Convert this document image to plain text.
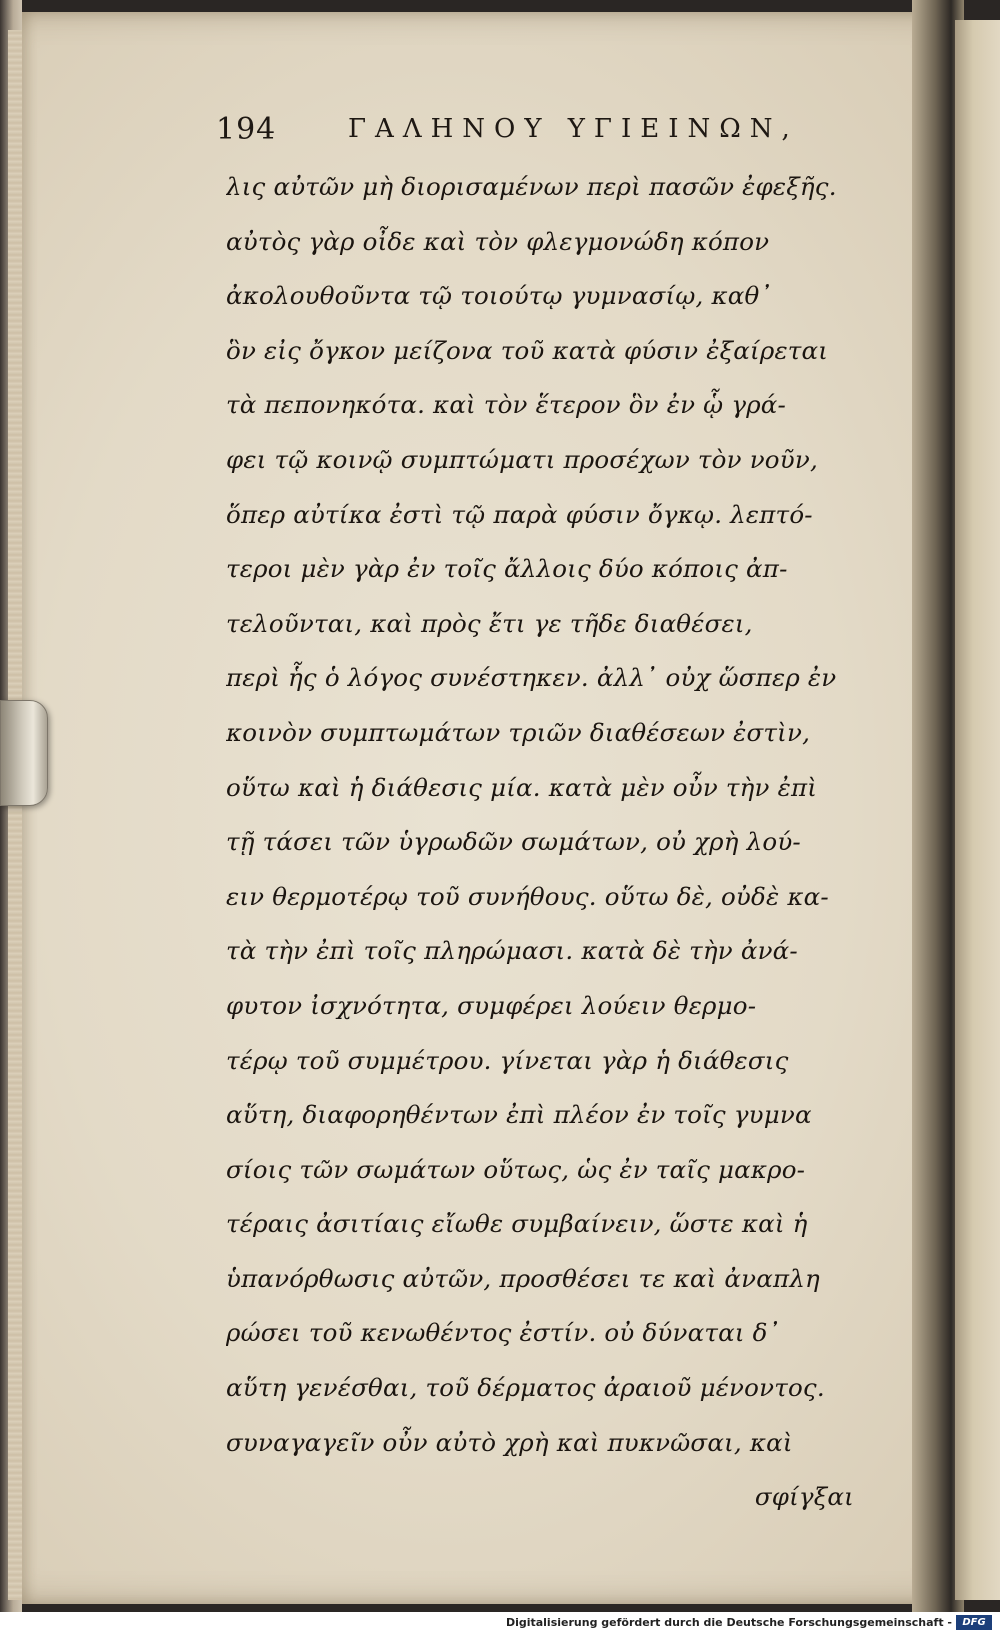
194	ΓΑΛΗΝΟΥ ΥΓΙΕΙΝΩΝ,
λις αὐτῶν μὴ διορισαμένων περὶ πασῶν ἐφεξῆς.
αὐτὸς γὰρ οἶδε καὶ τὸν φλεγμονώδη κόπον
ἀκολουθοῦντα τῷ τοιούτῳ γυμνασίῳ, καθ᾽
ὃν εἰς ὄγκον μείζονα τοῦ κατὰ φύσιν ἐξαίρεται
τὰ πεπονηκότα. καὶ τὸν ἕτερον ὃν ἐν ᾧ γρά-
φει τῷ κοινῷ συμπτώματι προσέχων τὸν νοῦν,
ὅπερ αὐτίκα ἐστὶ τῷ παρὰ φύσιν ὄγκῳ. λεπτό-
τεροι μὲν γὰρ ἐν τοῖς ἄλλοις δύο κόποις ἀπ-
τελοῦνται, καὶ πρὸς ἔτι γε τῆδε διαθέσει,
περὶ ἧς ὁ λόγος συνέστηκεν. ἀλλ᾽ οὐχ ὥσπερ ἐν
κοινὸν συμπτωμάτων τριῶν διαθέσεων ἐστὶν,
οὕτω καὶ ἡ διάθεσις μία. κατὰ μὲν οὖν τὴν ἐπὶ
τῇ τάσει τῶν ὑγρωδῶν σωμάτων, οὐ χρὴ λού-
ειν θερμοτέρῳ τοῦ συνήθους. οὕτω δὲ, οὐδὲ κα-
τὰ τὴν ἐπὶ τοῖς πληρώμασι. κατὰ δὲ τὴν ἀνά-
φυτον ἰσχνότητα, συμφέρει λούειν θερμο-
τέρῳ τοῦ συμμέτρου. γίνεται γὰρ ἡ διάθεσις
αὕτη, διαφορηθέντων ἐπὶ πλέον ἐν τοῖς γυμνα
σίοις τῶν σωμάτων οὕτως, ὡς ἐν ταῖς μακρο-
τέραις ἀσιτίαις εἴωθε συμβαίνειν, ὥστε καὶ ἡ
ὑπανόρθωσις αὐτῶν, προσθέσει τε καὶ ἀναπλη
ρώσει τοῦ κενωθέντος ἐστίν. οὐ δύναται δ᾽
αὕτη γενέσθαι, τοῦ δέρματος ἀραιοῦ μένοντος.
συναγαγεῖν οὖν αὐτὸ χρὴ καὶ πυκνῶσαι, καὶ
σφίγξαι
Digitalisierung gefördert durch die Deutsche Forschungsgemeinschaft -	DFG
